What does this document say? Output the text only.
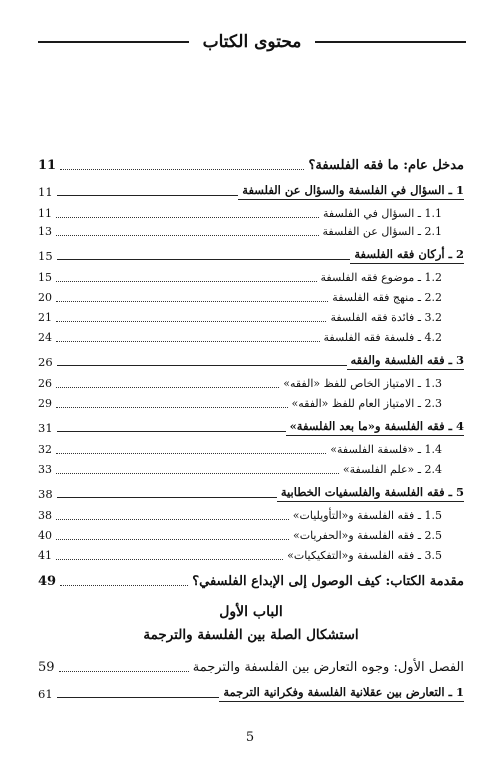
محتوى الكتاب
مدخل عام: ما فقه الفلسفة؟
11
1 ـ السؤال في الفلسفة والسؤال عن الفلسفة
11
1.1 ـ السؤال في الفلسفة
11
2.1 ـ السؤال عن الفلسفة
13
2 ـ أركان فقه الفلسفة
15
1.2 ـ موضوع فقه الفلسفة
15
2.2 ـ منهج فقه الفلسفة
20
3.2 ـ فائدة فقه الفلسفة
21
4.2 ـ فلسفة فقه الفلسفة
24
3 ـ فقه الفلسفة والفقه
26
1.3 ـ الامتياز الخاص للفظ «الفقه»
26
2.3 ـ الامتياز العام للفظ «الفقه»
29
4 ـ فقه الفلسفة و«ما بعد الفلسفة»
31
1.4 ـ «فلسفة الفلسفة»
32
2.4 ـ «علم الفلسفة»
33
5 ـ فقه الفلسفة والفلسفيات الخطابية
38
1.5 ـ فقه الفلسفة و«التأويليات»
38
2.5 ـ فقه الفلسفة و«الحفريات»
40
3.5 ـ فقه الفلسفة و«التفكيكيات»
41
مقدمة الكتاب: كيف الوصول إلى الإبداع الفلسفي؟
49
الفصل الأول: وجوه التعارض بين الفلسفة والترجمة
59
1 ـ التعارض بين عقلانية الفلسفة وفكرانية الترجمة
61
الباب الأول
استشكال الصلة بين الفلسفة والترجمة
5
